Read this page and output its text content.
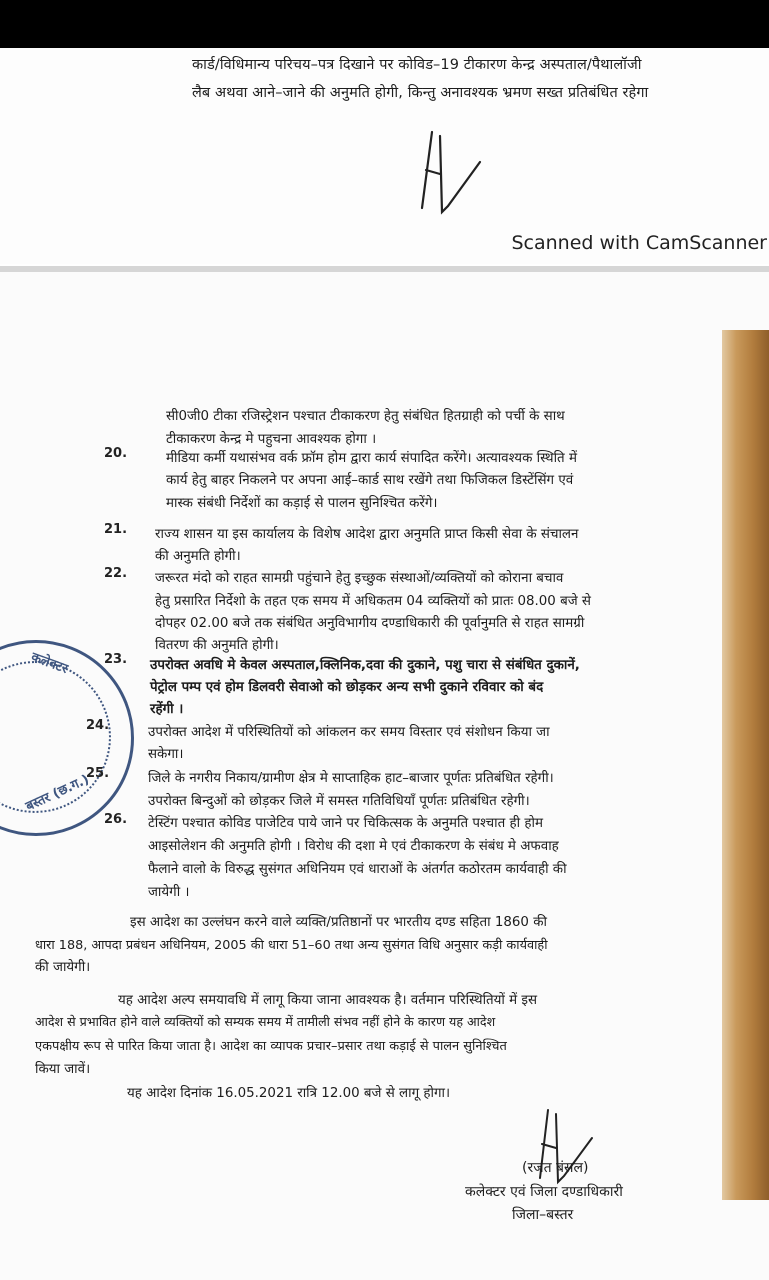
कार्ड/विधिमान्य परिचय–पत्र दिखाने पर कोविड–19 टीकारण केन्द्र अस्पताल/पैथालॉजी
लैब अथवा आने–जाने की अनुमति होगी, किन्तु अनावश्यक भ्रमण सख्त प्रतिबंधित रहेगा
Scanned with CamScanner
कलेक्टर
बस्तर (छ.ग.)
20.
21.
22.
23.
24.
25.
26.
सी0जी0 टीका रजिस्ट्रेशन पश्चात टीकाकरण हेतु संबंधित हितग्राही को पर्ची के साथ
टीकाकरण केन्द्र मे पहुचना आवश्यक होगा ।
मीडिया कर्मी यथासंभव वर्क फ्रॉम होम द्वारा कार्य संपादित करेंगे। अत्यावश्यक स्थिति में
कार्य हेतु बाहर निकलने पर अपना आई–कार्ड साथ रखेंगे तथा फिजिकल डिस्टेंसिंग एवं
मास्क संबंधी निर्देशों का कड़ाई से पालन सुनिश्चित करेंगे।
राज्य शासन या इस कार्यालय के विशेष आदेश द्वारा अनुमति प्राप्त किसी सेवा के संचालन
की अनुमति होगी।
जरूरत मंदो को राहत सामग्री पहुंचाने हेतु इच्छुक संस्थाओं/व्यक्तियों को कोराना बचाव
हेतु प्रसारित निर्देशो के तहत एक समय में अधिकतम 04 व्यक्तियों को प्रातः 08.00 बजे से
दोपहर 02.00 बजे तक संबंधित अनुविभागीय दण्डाधिकारी की पूर्वानुमति से राहत सामग्री
वितरण की अनुमति होगी।
उपरोक्त अवधि मे केवल अस्पताल,क्लिनिक,दवा की दुकाने, पशु चारा से संबंधित दुकानें,
पेट्रोल पम्प एवं होम डिलवरी सेवाओ को छोड़कर अन्य सभी दुकाने रविवार को बंद
रहेंगी ।
उपरोक्त आदेश में परिस्थितियों को आंकलन कर समय विस्तार एवं संशोधन किया जा
सकेगा।
जिले के नगरीय निकाय/ग्रामीण क्षेत्र मे साप्ताहिक हाट–बाजार पूर्णतः प्रतिबंधित रहेगी।
उपरोक्त बिन्दुओं को छोड़कर जिले में समस्त गतिविधियाँ पूर्णतः प्रतिबंधित रहेगी।
टेस्टिंग पश्चात कोविड पाजेटिव पाये जाने पर चिकित्सक के अनुमति पश्चात ही होम
आइसोलेशन की अनुमति होगी । विरोध की दशा मे एवं टीकाकरण के संबंध मे अफवाह
फैलाने वालो के विरुद्ध सुसंगत अधिनियम एवं धाराओं के अंतर्गत कठोरतम कार्यवाही की
जायेगी ।
इस आदेश का उल्लंघन करने वाले व्यक्ति/प्रतिष्ठानों पर भारतीय दण्ड सहिता 1860 की
धारा 188, आपदा प्रबंधन अधिनियम, 2005 की धारा 51–60 तथा अन्य सुसंगत विधि अनुसार कड़ी कार्यवाही
की जायेगी।
यह आदेश अल्प समयावधि में लागू किया जाना आवश्यक है। वर्तमान परिस्थितियों में इस
आदेश से प्रभावित होने वाले व्यक्तियों को सम्यक समय में तामीली संभव नहीं होने के कारण यह आदेश
एकपक्षीय रूप से पारित किया जाता है। आदेश का व्यापक प्रचार–प्रसार तथा कड़ाई से पालन सुनिश्चित
किया जावें।
यह आदेश दिनांक 16.05.2021 रात्रि 12.00 बजे से लागू होगा।
(रजत बंसल)
कलेक्टर एवं जिला दण्डाधिकारी
जिला–बस्तर
